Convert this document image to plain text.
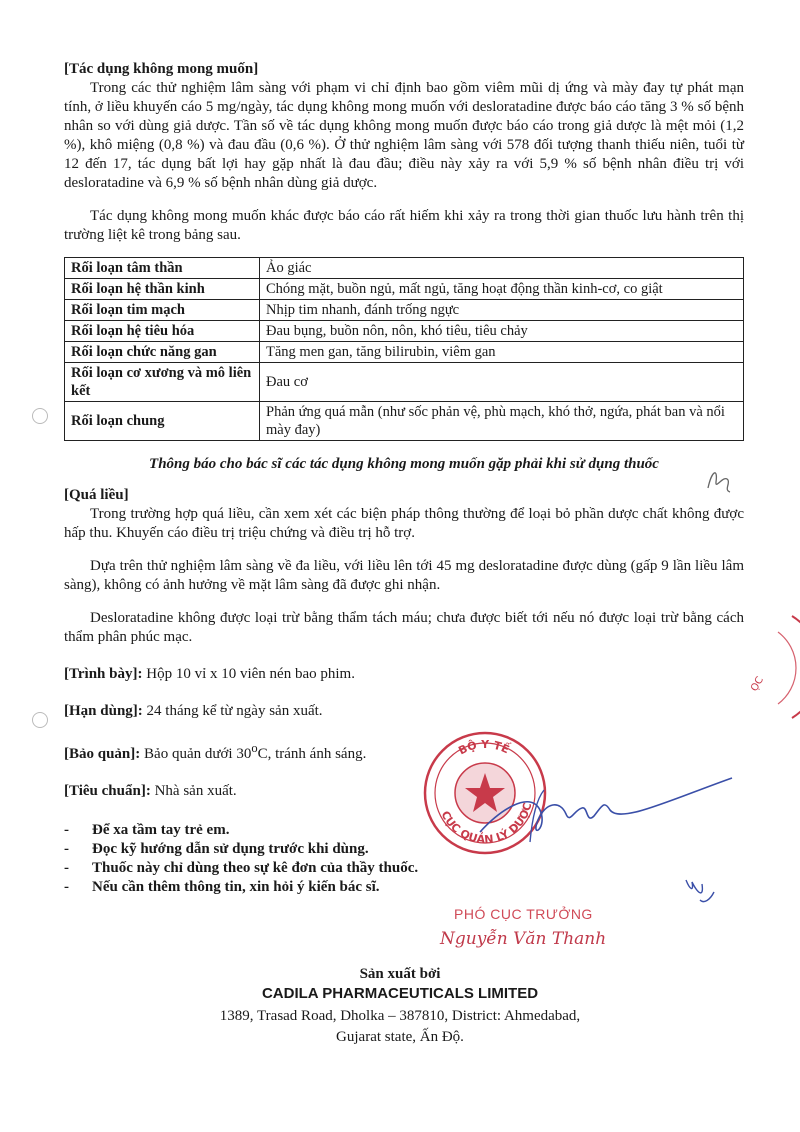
[Tác dụng không mong muốn]

Trong các thử nghiệm lâm sàng với phạm vi chỉ định bao gồm viêm mũi dị ứng và mày đay tự phát mạn tính, ở liều khuyến cáo 5 mg/ngày, tác dụng không mong muốn với desloratadine được báo cáo tăng 3 % số bệnh nhân so với dùng giả dược. Tần số về tác dụng không mong muốn được báo cáo trong giả dược là mệt mỏi (1,2 %), khô miệng (0,8 %) và đau đầu (0,6 %). Ở thử nghiệm lâm sàng với 578 đối tượng thanh thiếu niên, tuổi từ 12 đến 17, tác dụng bất lợi hay gặp nhất là đau đầu; điều này xảy ra với 5,9 % số bệnh nhân điều trị với desloratadine và 6,9 % số bệnh nhân dùng giả dược.

Tác dụng không mong muốn khác được báo cáo rất hiếm khi xảy ra trong thời gian thuốc lưu hành trên thị trường liệt kê trong bảng sau.

Rối loạn tâm thần	Ảo giác
Rối loạn hệ thần kinh	Chóng mặt, buồn ngủ, mất ngủ, tăng hoạt động thần kinh-cơ, co giật
Rối loạn tim mạch	Nhịp tim nhanh, đánh trống ngực
Rối loạn hệ tiêu hóa	Đau bụng, buồn nôn, nôn, khó tiêu, tiêu chảy
Rối loạn chức năng gan	Tăng men gan, tăng bilirubin, viêm gan
Rối loạn cơ xương và mô liên kết	Đau cơ
Rối loạn chung	Phản ứng quá mẫn (như sốc phản vệ, phù mạch, khó thở, ngứa, phát ban và nổi mày đay)

Thông báo cho bác sĩ các tác dụng không mong muốn gặp phải khi sử dụng thuốc

[Quá liều]

Trong trường hợp quá liều, cần xem xét các biện pháp thông thường để loại bỏ phần dược chất không được hấp thu. Khuyến cáo điều trị triệu chứng và điều trị hỗ trợ.

Dựa trên thử nghiệm lâm sàng về đa liều, với liều lên tới 45 mg desloratadine được dùng (gấp 9 lần liều lâm sàng), không có ảnh hưởng về mặt lâm sàng đã được ghi nhận.

Desloratadine không được loại trừ bằng thẩm tách máu; chưa được biết tới nếu nó được loại trừ bằng cách thẩm phân phúc mạc.

[Trình bày]: Hộp 10 vỉ x 10 viên nén bao phim.

[Hạn dùng]: 24 tháng kể từ ngày sản xuất.

[Bảo quản]: Bảo quản dưới 30$^o$C, tránh ánh sáng.

[Tiêu chuẩn]: Nhà sản xuất.

- Để xa tầm tay trẻ em.
- Đọc kỹ hướng dẫn sử dụng trước khi dùng.
- Thuốc này chỉ dùng theo sự kê đơn của thầy thuốc.
- Nếu cần thêm thông tin, xin hỏi ý kiến bác sĩ.
ỌC
BỘ Y TẾ
CỤC QUẢN LÝ DƯỢC
PHÓ CỤC TRƯỞNG
Nguyễn Văn Thanh
Sản xuất bởi
CADILA PHARMACEUTICALS LIMITED
1389, Trasad Road, Dholka – 387810, District: Ahmedabad,
Gujarat state, Ấn Độ.
